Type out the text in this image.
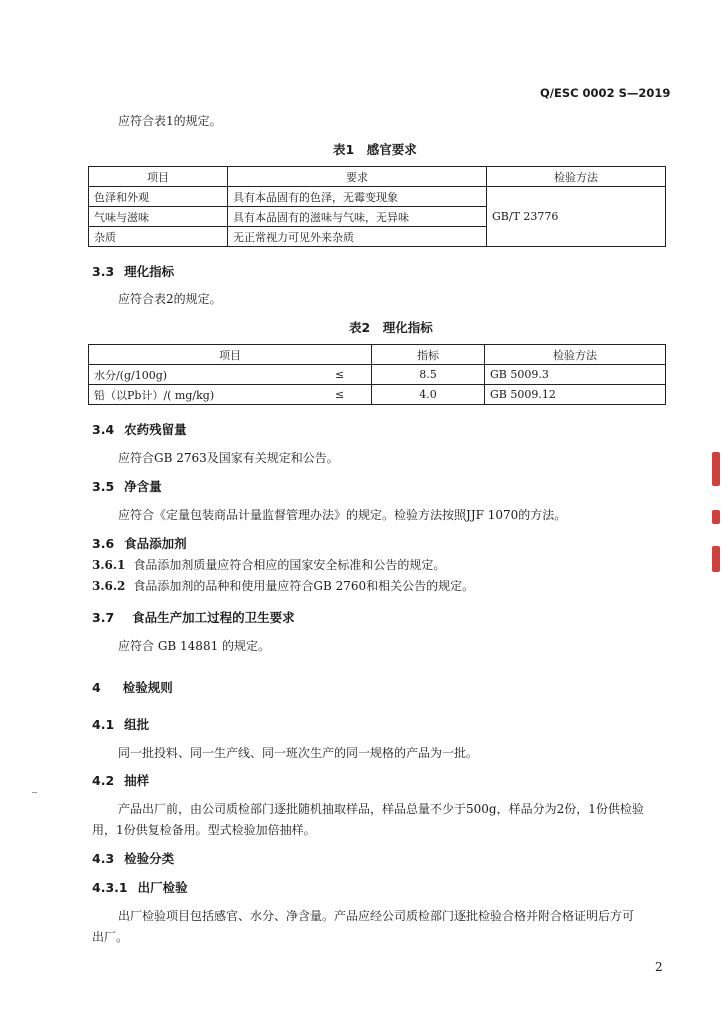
Q/ESC 0002 S—2019
应符合表1的规定。
表1　感官要求
项目	要求	检验方法
色泽和外观	具有本品固有的色泽，无霉变现象	GB/T 23776
气味与滋味	具有本品固有的滋味与气味，无异味	
杂质	无正常视力可见外来杂质	
3.3 理化指标
应符合表2的规定。
表2　理化指标
项目		指标	检验方法
水分/(g/100g)	≤	8.5	GB 5009.3
铅（以Pb计）/( mg/kg)	≤	4.0	GB 5009.12
3.4 农药残留量
应符合GB 2763及国家有关规定和公告。
3.5 净含量
应符合《定量包装商品计量监督管理办法》的规定。检验方法按照JJF 1070的方法。
3.6 食品添加剂
3.6.1 食品添加剂质量应符合相应的国家安全标准和公告的规定。
3.6.2 食品添加剂的品种和使用量应符合GB 2760和相关公告的规定。
3.7 食品生产加工过程的卫生要求
应符合 GB 14881 的规定。
4 检验规则
4.1 组批
同一批投料、同一生产线、同一班次生产的同一规格的产品为一批。
4.2 抽样
产品出厂前，由公司质检部门逐批随机抽取样品，样品总量不少于500g，样品分为2份，1份供检验
用，1份供复检备用。型式检验加倍抽样。
4.3 检验分类
4.3.1 出厂检验
出厂检验项目包括感官、水分、净含量。产品应经公司质检部门逐批检验合格并附合格证明后方可
出厂。
2
